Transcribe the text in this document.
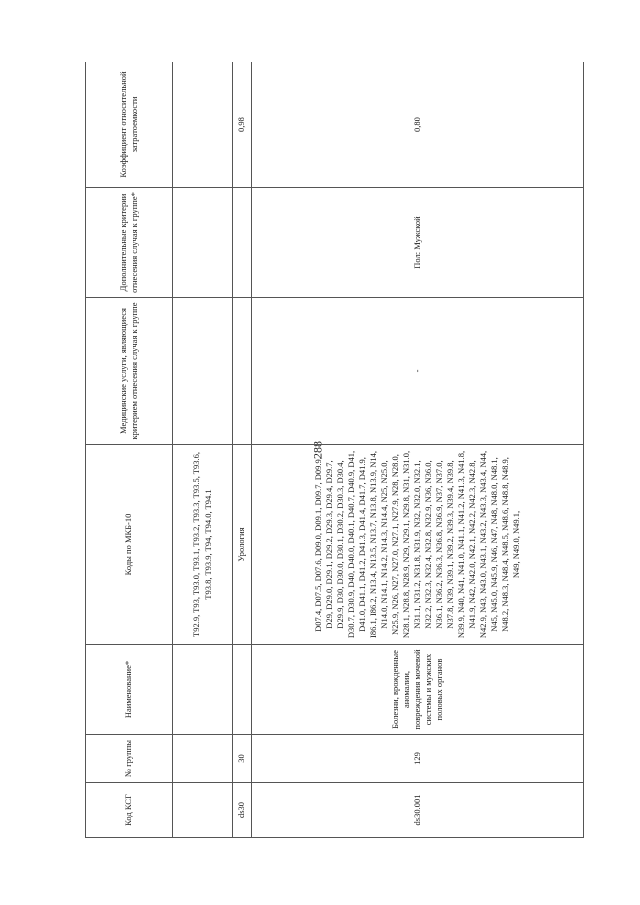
288
Код КСГ	№ группы	Наименование*	Коды по МКБ-10	Медицинские услуги, являющиеся критерием отнесения случая к группе	Дополнительные критерии отнесения случая к группе*	Коэффициент относительной затратоемкости

			T92.9, T93, T93.0, T93.1, T93.2, T93.3, T93.5, T93.6, T93.8, T93.9, T94, T94.0, T94.1			

ds30	30		Урология			0,98
ds30.001	129	Болезни, врожденные аномалии, повреждения мочевой системы и мужских половых органов	D07.4, D07.5, D07.6, D09.0, D09.1, D09.7, D09.9, D29, D29.0, D29.1, D29.2, D29.3, D29.4, D29.7, D29.9, D30, D30.0, D30.1, D30.2, D30.3, D30.4, D30.7, D30.9, D40, D40.0, D40.1, D40.7, D40.9, D41, D41.0, D41.1, D41.2, D41.3, D41.4, D41.7, D41.9, I86.1, I86.2, N13.4, N13.5, N13.7, N13.8, N13.9, N14, N14.0, N14.1, N14.2, N14.3, N14.4, N25, N25.0, N25.9, N26, N27, N27.0, N27.1, N27.9, N28, N28.0, N28.1, N28.8, N28.9, N29, N29.1, N29.8, N31, N31.0, N31.1, N31.2, N31.8, N31.9, N32, N32.0, N32.1, N32.2, N32.3, N32.4, N32.8, N32.9, N36, N36.0, N36.1, N36.2, N36.3, N36.8, N36.9, N37, N37.0, N37.8, N39, N39.1, N39.2, N39.3, N39.4, N39.8, N39.9, N40, N41, N41.0, N41.1, N41.2, N41.3, N41.8, N41.9, N42, N42.0, N42.1, N42.2, N42.3, N42.8, N42.9, N43, N43.0, N43.1, N43.2, N43.3, N43.4, N44, N45, N45.0, N45.9, N46, N47, N48, N48.0, N48.1, N48.2, N48.3, N48.4, N48.5, N48.6, N48.8, N48.9, N49, N49.0, N49.1,	-	Пол: Мужской	0,80
